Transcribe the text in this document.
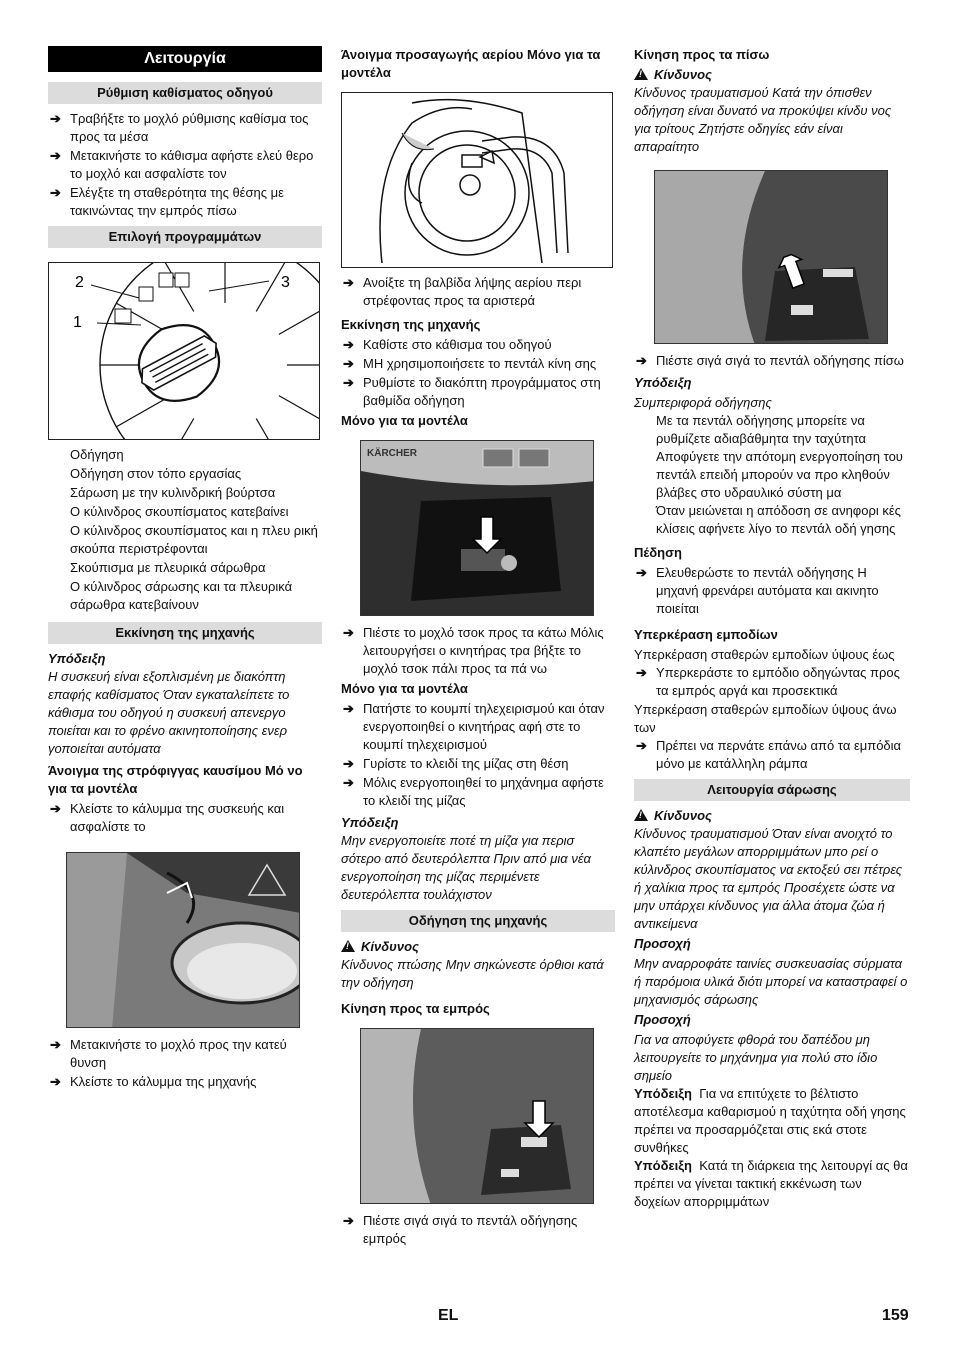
Λειτουργία
Ρύθμιση καθίσματος οδηγού
➔ Τραβήξτε το μοχλό ρύθμισης καθίσμα τος προς τα μέσα
➔ Μετακινήστε το κάθισμα αφήστε ελεύ θερο το μοχλό και ασφαλίστε τον
➔ Ελέγξτε τη σταθερότητα της θέσης με τακινώντας την εμπρός πίσω
Επιλογή προγραμμάτων
2	3
1
Οδήγηση
Οδήγηση στον τόπο εργασίας
Σάρωση με την κυλινδρική βούρτσα
Ο κύλινδρος σκουπίσματος κατεβαίνει
Ο κύλινδρος σκουπίσματος και η πλευ ρική σκούπα περιστρέφονται
Σκούπισμα με πλευρικά σάρωθρα
Ο κύλινδρος σάρωσης και τα πλευρικά σάρωθρα κατεβαίνουν
Εκκίνηση της μηχανής
Υπόδειξη
Η συσκευή είναι εξοπλισμένη με διακόπτη επαφής καθίσματος Όταν εγκαταλείπετε το κάθισμα του οδηγού η συσκευή απενεργο ποιείται και το φρένο ακινητοποίησης ενερ γοποιείται αυτόματα
Άνοιγμα της στρόφιγγας καυσίμου Μό νο για τα μοντέλα
➔ Κλείστε το κάλυμμα της συσκευής και ασφαλίστε το
➔ Μετακινήστε το μοχλό προς την κατεύ θυνση
➔ Κλείστε το κάλυμμα της μηχανής
Άνοιγμα προσαγωγής αερίου Μόνο για τα μοντέλα
➔ Ανοίξτε τη βαλβίδα λήψης αερίου περι στρέφοντας προς τα αριστερά
Εκκίνηση της μηχανής
➔ Καθίστε στο κάθισμα του οδηγού
➔ ΜΗ χρησιμοποιήσετε το πεντάλ κίνη σης
➔ Ρυθμίστε το διακόπτη προγράμματος στη βαθμίδα οδήγηση
Μόνο για τα μοντέλα
KÄRCHER
➔ Πιέστε το μοχλό τσοκ προς τα κάτω Μόλις λειτουργήσει ο κινητήρας τρα βήξτε το μοχλό τσοκ πάλι προς τα πά νω
Μόνο για τα μοντέλα
➔ Πατήστε το κουμπί τηλεχειρισμού και όταν ενεργοποιηθεί ο κινητήρας αφή στε το κουμπί τηλεχειρισμού
➔ Γυρίστε το κλειδί της μίζας στη θέση
➔ Μόλις ενεργοποιηθεί το μηχάνημα αφήστε το κλειδί της μίζας
Υπόδειξη
Μην ενεργοποιείτε ποτέ τη μίζα για περισ σότερο από δευτερόλεπτα Πριν από μια νέα ενεργοποίηση της μίζας περιμένετε δευτερόλεπτα τουλάχιστον
Οδήγηση της μηχανής
!Κίνδυνος
Κίνδυνος πτώσης Μην σηκώνεστε όρθιοι κατά την οδήγηση
Κίνηση προς τα εμπρός
➔ Πιέστε σιγά σιγά το πεντάλ οδήγησης εμπρός
Κίνηση προς τα πίσω
!Κίνδυνος
Κίνδυνος τραυματισμού Κατά την όπισθεν οδήγηση είναι δυνατό να προκύψει κίνδυ νος για τρίτους Ζητήστε οδηγίες εάν είναι απαραίτητο
➔ Πιέστε σιγά σιγά το πεντάλ οδήγησης πίσω
Υπόδειξη
Συμπεριφορά οδήγησης
Με τα πεντάλ οδήγησης μπορείτε να ρυθμίζετε αδιαβάθμητα την ταχύτητα
Αποφύγετε την απότομη ενεργοποίηση του πεντάλ επειδή μπορούν να προ κληθούν βλάβες στο υδραυλικό σύστη μα
Όταν μειώνεται η απόδοση σε ανηφορι κές κλίσεις αφήνετε λίγο το πεντάλ οδή γησης
Πέδηση
➔ Ελευθερώστε το πεντάλ οδήγησης Η μηχανή φρενάρει αυτόματα και ακινητο ποιείται
Υπερκέραση εμποδίων
Υπερκέραση σταθερών εμποδίων ύψους έως
➔ Υπερκεράστε το εμπόδιο οδηγώντας προς τα εμπρός αργά και προσεκτικά
Υπερκέραση σταθερών εμποδίων ύψους άνω των
➔ Πρέπει να περνάτε επάνω από τα εμπόδια μόνο με κατάλληλη ράμπα
Λειτουργία σάρωσης
!Κίνδυνος
Κίνδυνος τραυματισμού Όταν είναι ανοιχτό το κλαπέτο μεγάλων απορριμμάτων μπο ρεί ο κύλινδρος σκουπίσματος να εκτοξεύ σει πέτρες ή χαλίκια προς τα εμπρός Προσέχετε ώστε να μην υπάρχει κίνδυνος για άλλα άτομα ζώα ή αντικείμενα
Προσοχή
Μην αναρροφάτε ταινίες συσκευασίας σύρματα ή παρόμοια υλικά διότι μπορεί να καταστραφεί ο μηχανισμός σάρωσης
Προσοχή
Για να αποφύγετε φθορά του δαπέδου μη λειτουργείτε το μηχάνημα για πολύ στο ίδιο σημείο
Υπόδειξη Για να επιτύχετε το βέλτιστο αποτέλεσμα καθαρισμού η ταχύτητα οδή γησης πρέπει να προσαρμόζεται στις εκά στοτε συνθήκες
Υπόδειξη Κατά τη διάρκεια της λειτουργί ας θα πρέπει να γίνεται τακτική εκκένωση των δοχείων απορριμμάτων
EL	159
